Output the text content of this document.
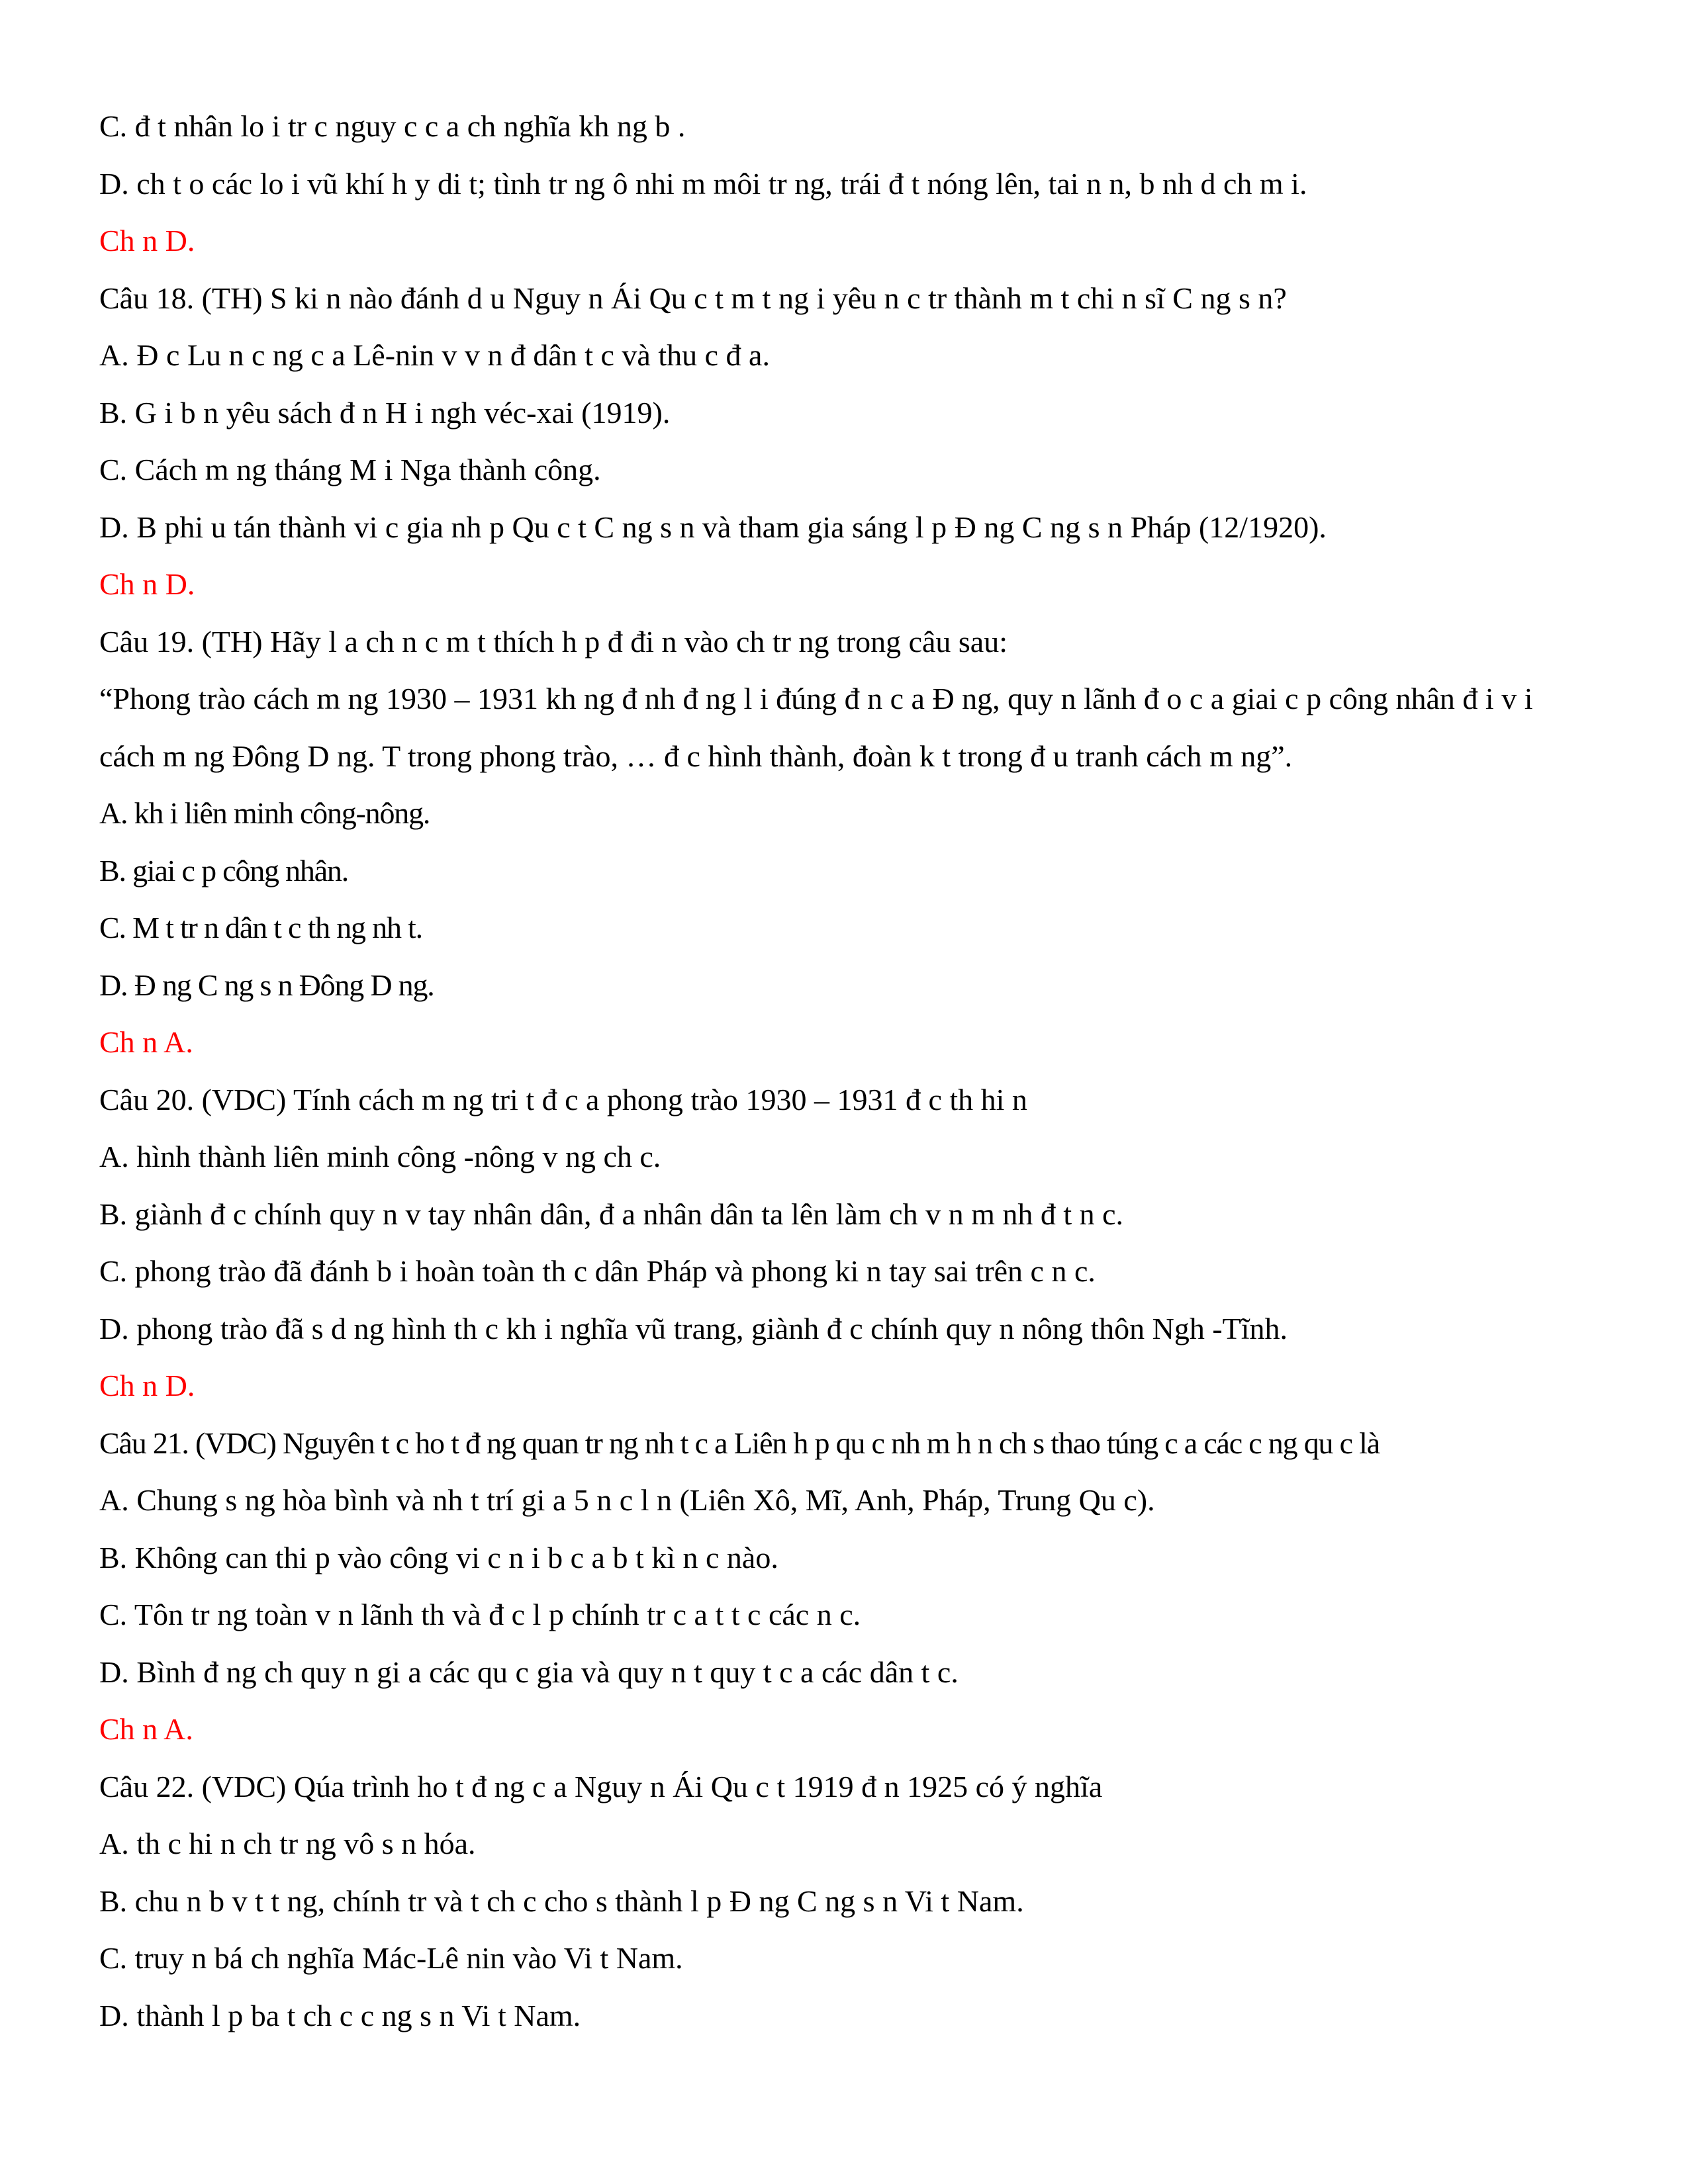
C. đ t nhân lo i tr c nguy c c a ch nghĩa kh ng b .

D. ch t o các lo i vũ khí h y di t; tình tr ng ô nhi m môi tr ng, trái đ t nóng lên, tai n n, b nh d ch m i.

Ch n D.

Câu 18. (TH) S ki n nào đánh d u Nguy n Ái Qu c t m t ng i yêu n c tr thành m t chi n sĩ C ng s n?

A. Đ c Lu n c ng c a Lê-nin v v n đ dân t c và thu c đ a.

B. G i b n yêu sách đ n H i ngh véc-xai (1919).

C. Cách m ng tháng M i Nga thành công.

D. B phi u tán thành vi c gia nh p Qu c t C ng s n và tham gia sáng l p Đ ng C ng s n Pháp (12/1920).

Ch n D.

Câu 19. (TH) Hãy l a ch n c m t thích h p đ đi n vào ch tr ng trong câu sau:

“Phong trào cách m ng 1930 – 1931 kh ng đ nh đ ng l i đúng đ n c a Đ ng, quy n lãnh đ o c a giai c p công nhân đ i v i cách m ng Đông D ng. T trong phong trào, … đ c hình thành, đoàn k t trong đ u tranh cách m ng”.

A. kh i liên minh công-nông.

B. giai c p công nhân.

C. M t tr n dân t c th ng nh t.

D. Đ ng C ng s n Đông D ng.

Ch n A.

Câu 20. (VDC) Tính cách m ng tri t đ c a phong trào 1930 – 1931 đ c th hi n

A. hình thành liên minh công -nông v ng ch c.

B. giành đ c chính quy n v tay nhân dân, đ a nhân dân ta lên làm ch v n m nh đ t n c.

C. phong trào đã đánh b i hoàn toàn th c dân Pháp và phong ki n tay sai trên c n c.

D. phong trào đã s d ng hình th c kh i nghĩa vũ trang, giành đ c chính quy n nông thôn Ngh -Tĩnh.

Ch n D.

Câu 21. (VDC) Nguyên t c ho t đ ng quan tr ng nh t c a Liên h p qu c nh m h n ch s thao túng c a các c ng qu c là

A. Chung s ng hòa bình và nh t trí gi a 5 n c l n (Liên Xô, Mĩ, Anh, Pháp, Trung Qu c).

B. Không can thi p vào công vi c n i b c a b t kì n c nào.

C. Tôn tr ng toàn v n lãnh th và đ c l p chính tr c a t t c các n c.

D. Bình đ ng ch quy n gi a các qu c gia và quy n t quy t c a các dân t c.

Ch n A.

Câu 22. (VDC) Qúa trình ho t đ ng c a Nguy n Ái Qu c t 1919 đ n 1925 có ý nghĩa

A. th c hi n ch tr ng vô s n hóa.

B. chu n b v t t ng, chính tr và t ch c cho s thành l p Đ ng C ng s n Vi t Nam.

C. truy n bá ch nghĩa Mác-Lê nin vào Vi t Nam.

D. thành l p ba t ch c c ng s n Vi t Nam.
